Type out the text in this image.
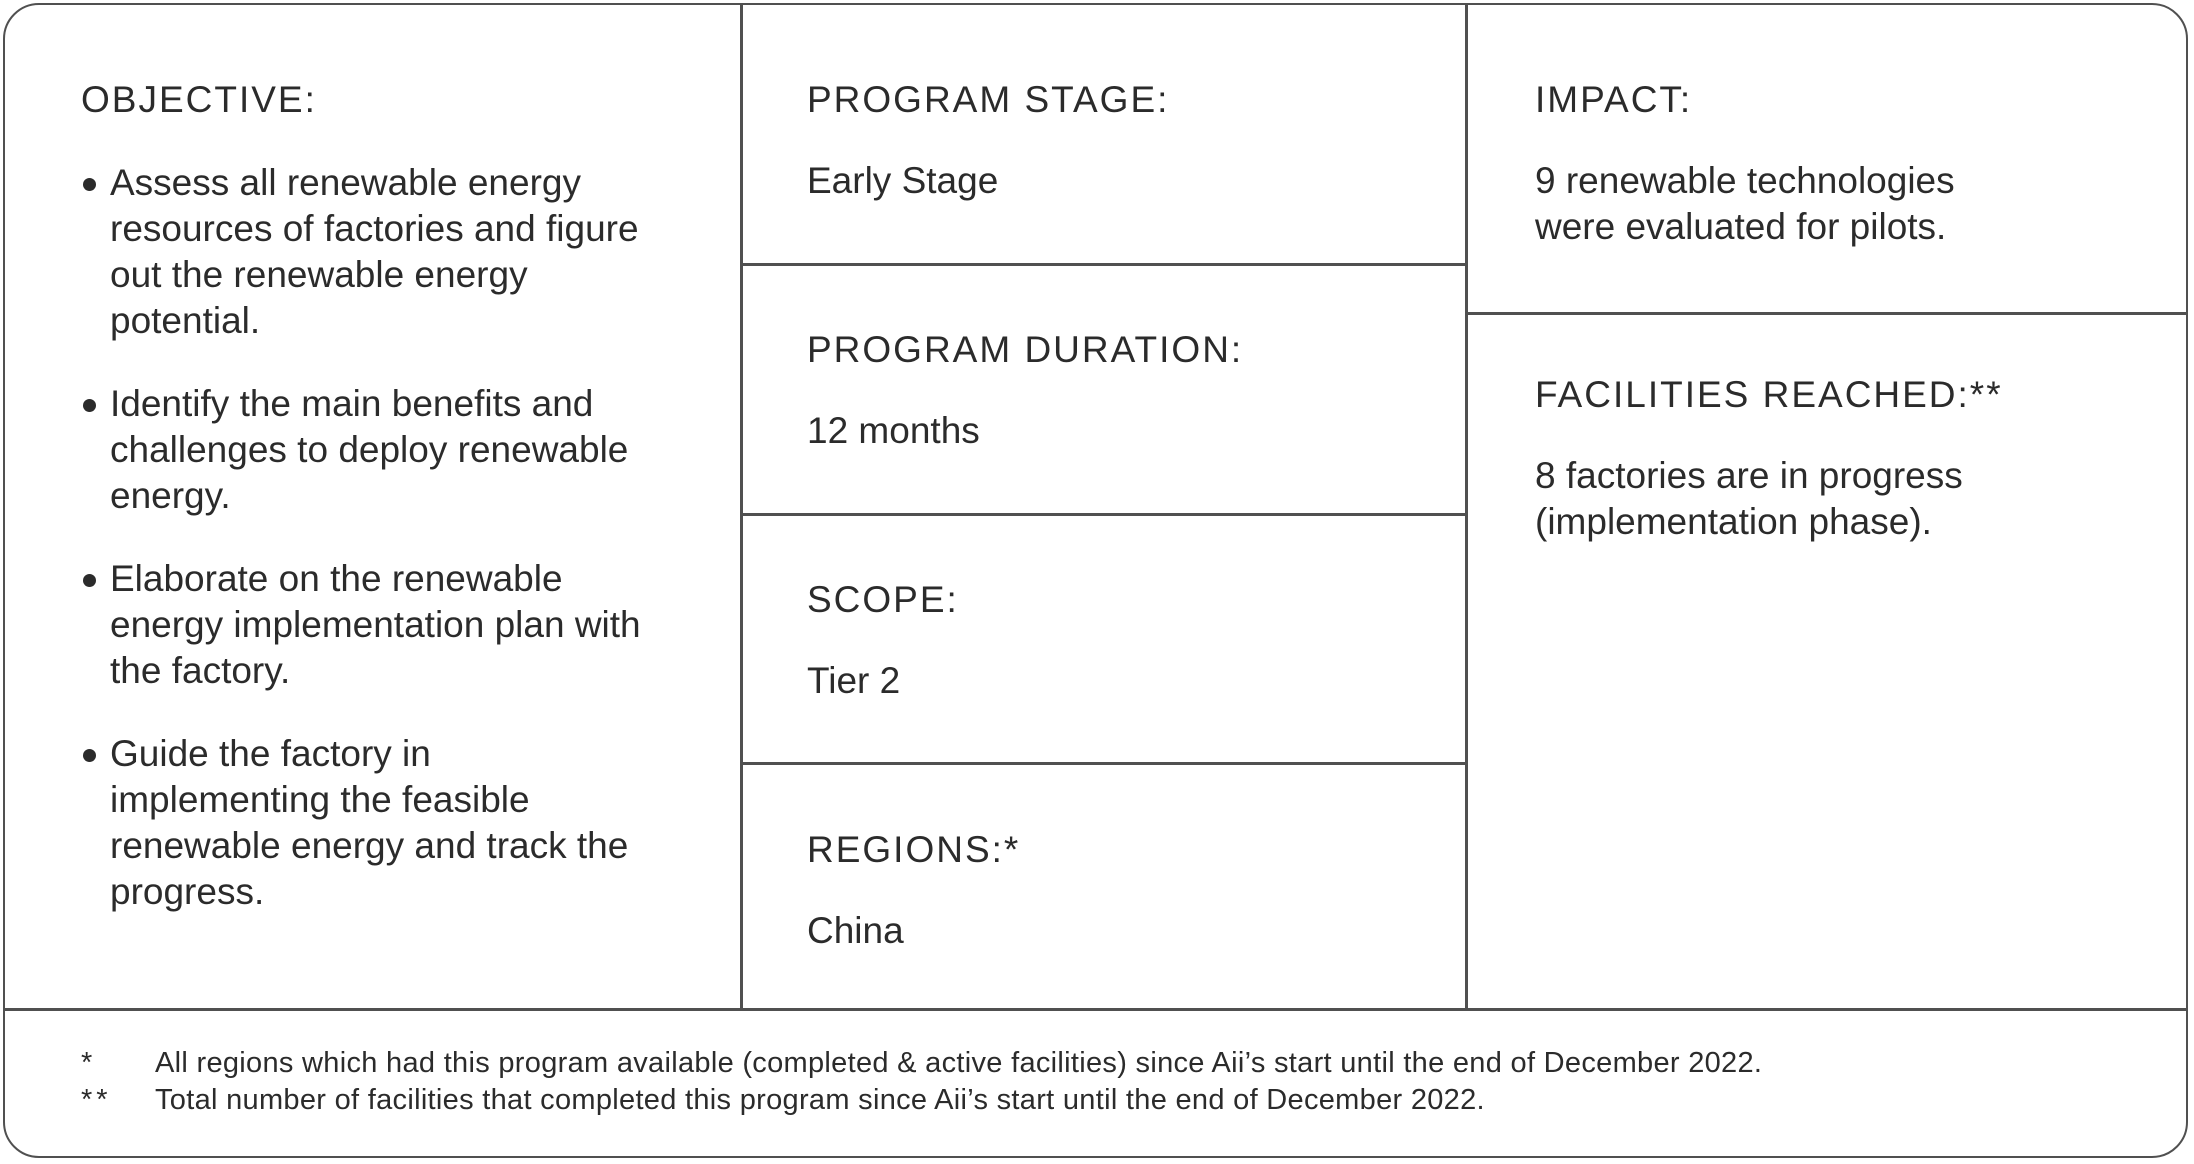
OBJECTIVE:
Assess all renewable energy resources of factories and figure out the renewable energy potential.
Identify the main benefits and challenges to deploy renewable energy.
Elaborate on the renewable energy implementation plan with the factory.
Guide the factory in implementing the feasible renewable energy and track the progress.
PROGRAM STAGE:
Early Stage
PROGRAM DURATION:
12 months
SCOPE:
Tier 2
REGIONS:*
China
IMPACT:
9 renewable technologies were evaluated for pilots.
FACILITIES REACHED:**
8 factories are in progress (implementation phase).
*	All regions which had this program available (completed & active facilities) since Aii’s start until the end of December 2022.
**	Total number of facilities that completed this program since Aii’s start until the end of December 2022.
